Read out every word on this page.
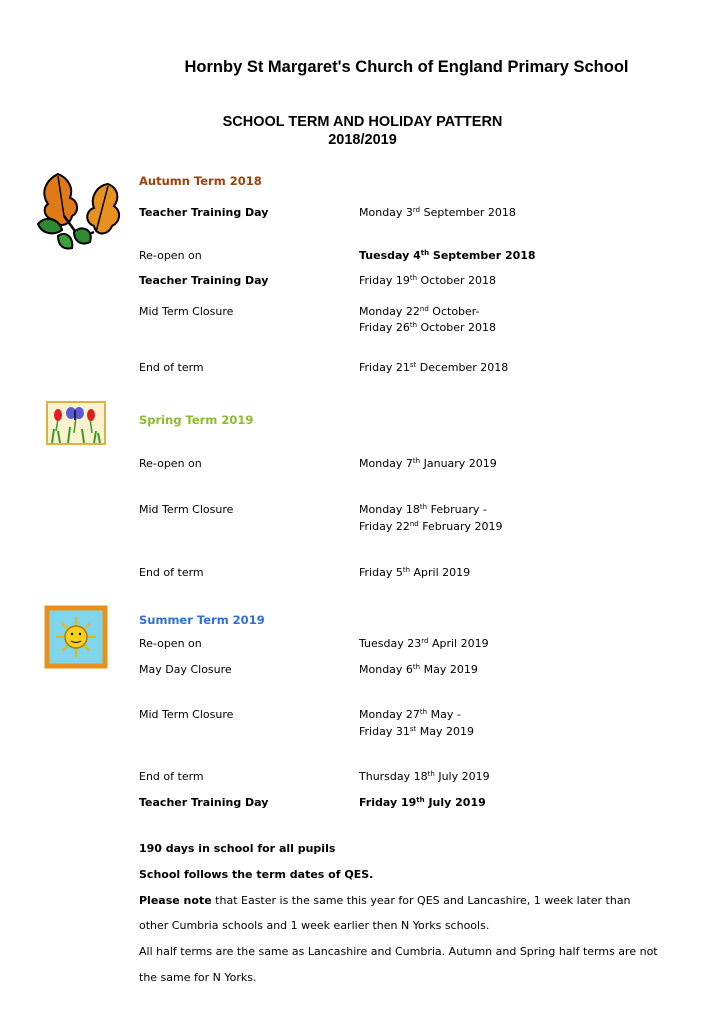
Hornby St Margaret's Church of England Primary School
SCHOOL TERM AND HOLIDAY PATTERN
2018/2019
Autumn Term 2018
Teacher Training Day	Monday 3rd September 2018
Re-open on	Tuesday 4th September 2018
Teacher Training Day	Friday 19th October 2018
Mid Term Closure	Monday 22nd October-
Friday 26th October 2018
End of term	Friday 21st December 2018
Spring Term 2019
Re-open on	Monday 7th January 2019
Mid Term Closure	Monday 18th February -
Friday 22nd February 2019
End of term	Friday 5th April 2019
Summer Term 2019
Re-open on	Tuesday 23rd April 2019
May Day Closure	Monday 6th May 2019
Mid Term Closure	Monday 27th May -
Friday 31st May 2019
End of term	Thursday 18th July 2019
Teacher Training Day	Friday 19th July 2019
190 days in school for all pupils
School follows the term dates of QES.
Please note that Easter is the same this year for QES and Lancashire, 1 week later than
other Cumbria schools and 1 week earlier then N Yorks schools.
All half terms are the same as Lancashire and Cumbria. Autumn and Spring half terms are not
the same for N Yorks.
